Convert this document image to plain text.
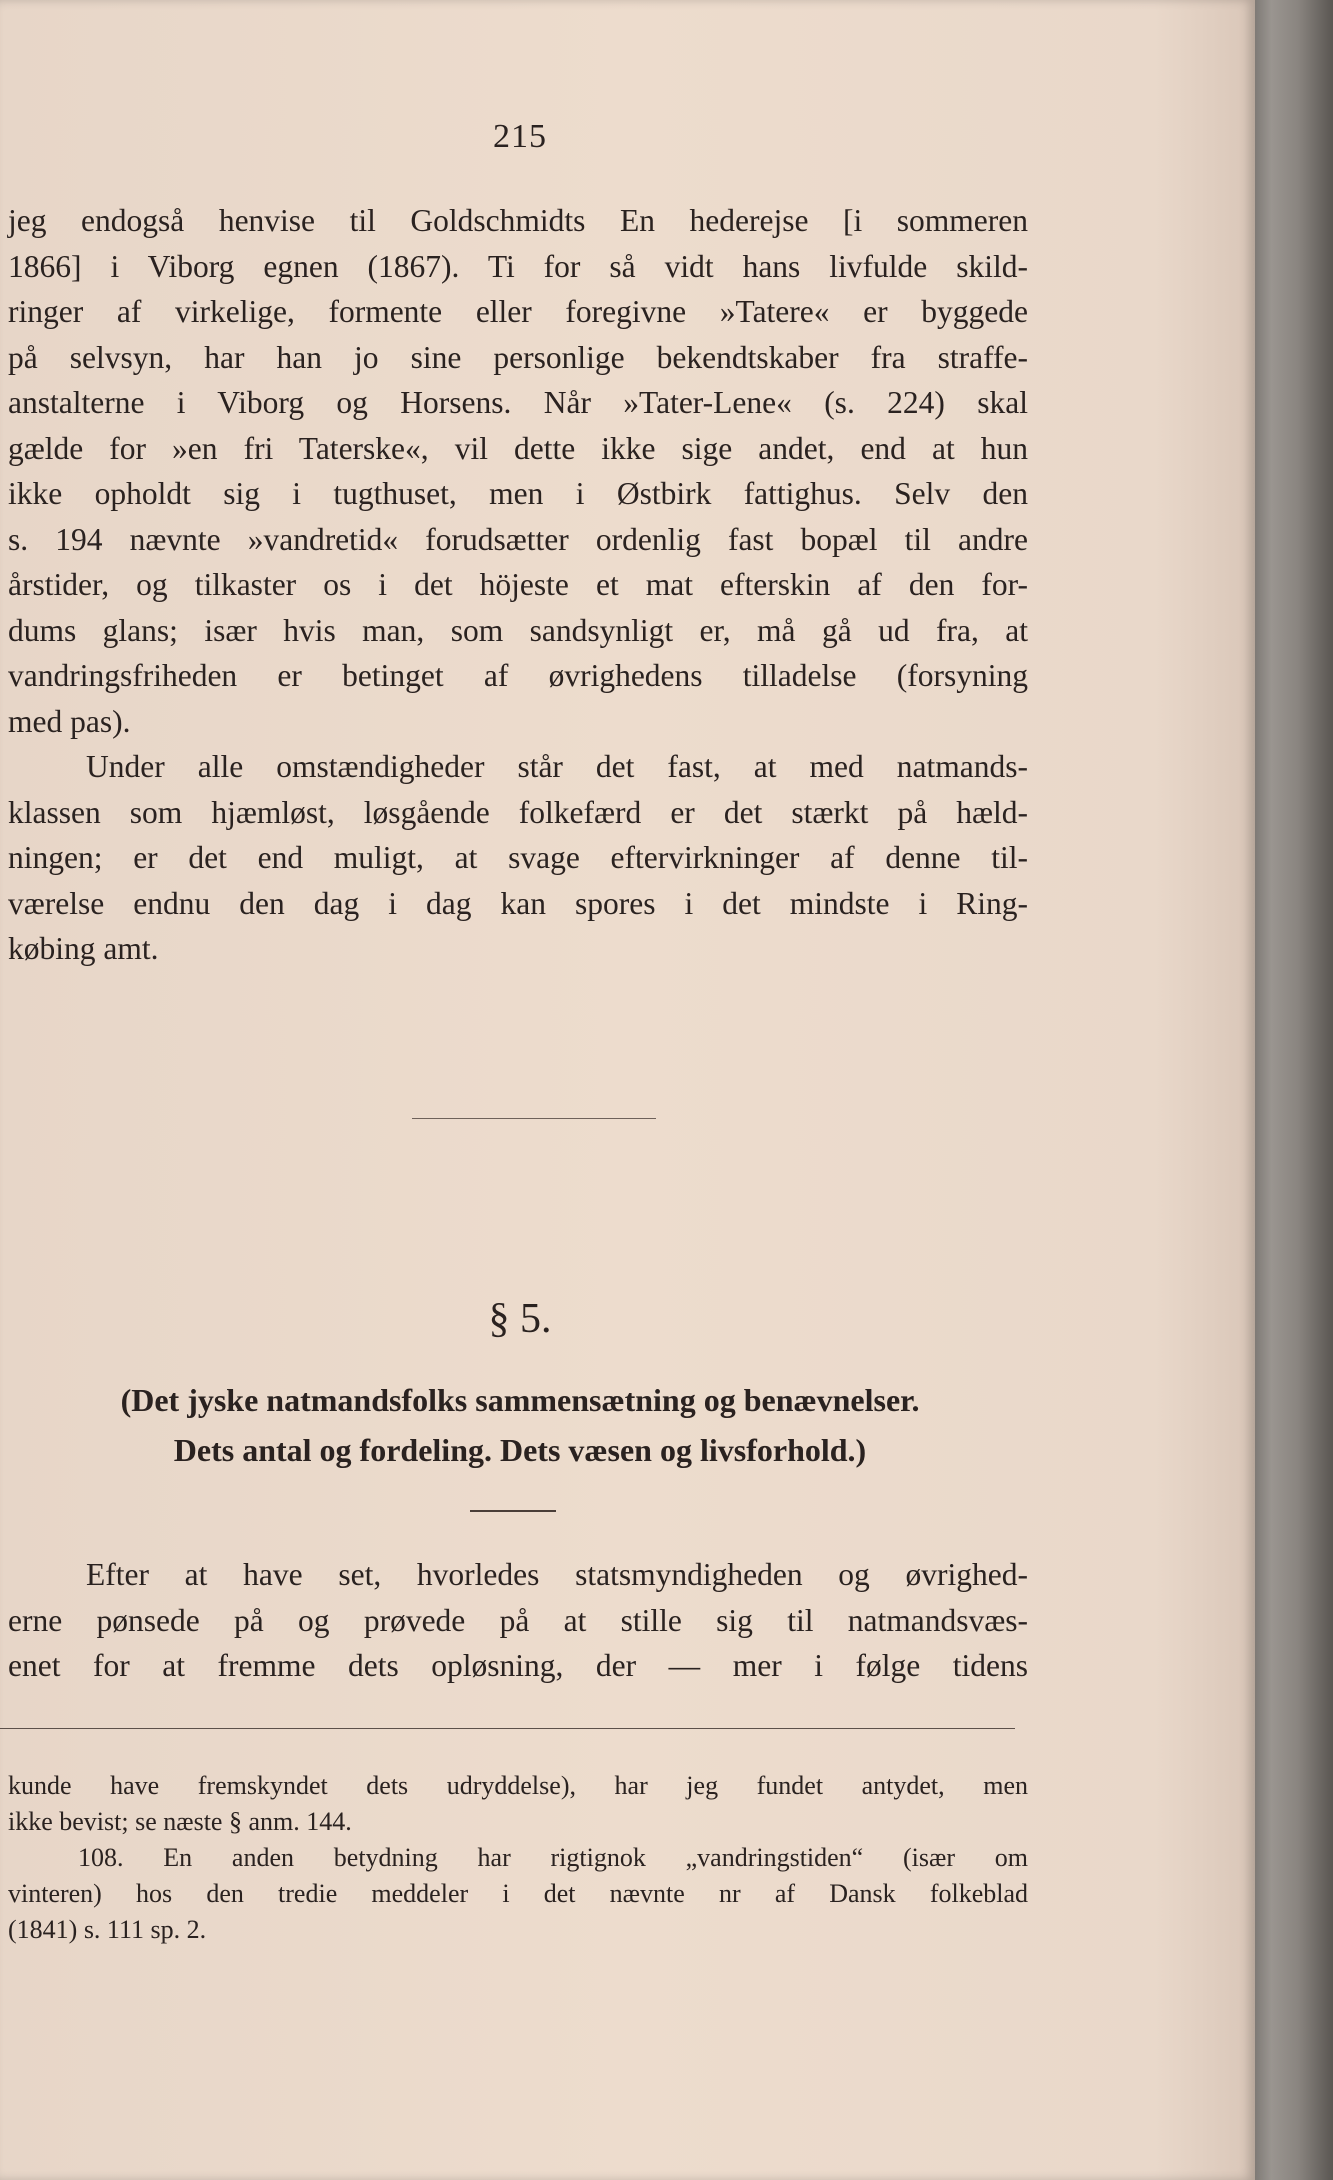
215
jeg endogså henvise til Goldschmidts En hederejse [i sommeren
1866] i Viborg egnen (1867). Ti for så vidt hans livfulde skild-
ringer af virkelige, formente eller foregivne »Tatere« er byggede
på selvsyn, har han jo sine personlige bekendtskaber fra straffe-
anstalterne i Viborg og Horsens. Når »Tater-Lene« (s. 224) skal
gælde for »en fri Taterske«, vil dette ikke sige andet, end at hun
ikke opholdt sig i tugthuset, men i Østbirk fattighus. Selv den
s. 194 nævnte »vandretid« forudsætter ordenlig fast bopæl til andre
årstider, og tilkaster os i det höjeste et mat efterskin af den for-
dums glans; især hvis man, som sandsynligt er, må gå ud fra, at
vandringsfriheden er betinget af øvrighedens tilladelse (forsyning
med pas).
Under alle omstændigheder står det fast, at med natmands-
klassen som hjæmløst, løsgående folkefærd er det stærkt på hæld-
ningen; er det end muligt, at svage eftervirkninger af denne til-
værelse endnu den dag i dag kan spores i det mindste i Ring-
købing amt.
§ 5.
(Det jyske natmandsfolks sammensætning og benævnelser.
Dets antal og fordeling. Dets væsen og livsforhold.)
Efter at have set, hvorledes statsmyndigheden og øvrighed-
erne pønsede på og prøvede på at stille sig til natmandsvæs-
enet for at fremme dets opløsning, der — mer i følge tidens
kunde have fremskyndet dets udryddelse), har jeg fundet antydet, men
ikke bevist; se næste § anm. 144.
108. En anden betydning har rigtignok „vandringstiden“ (især om
vinteren) hos den tredie meddeler i det nævnte nr af Dansk folkeblad
(1841) s. 111 sp. 2.
